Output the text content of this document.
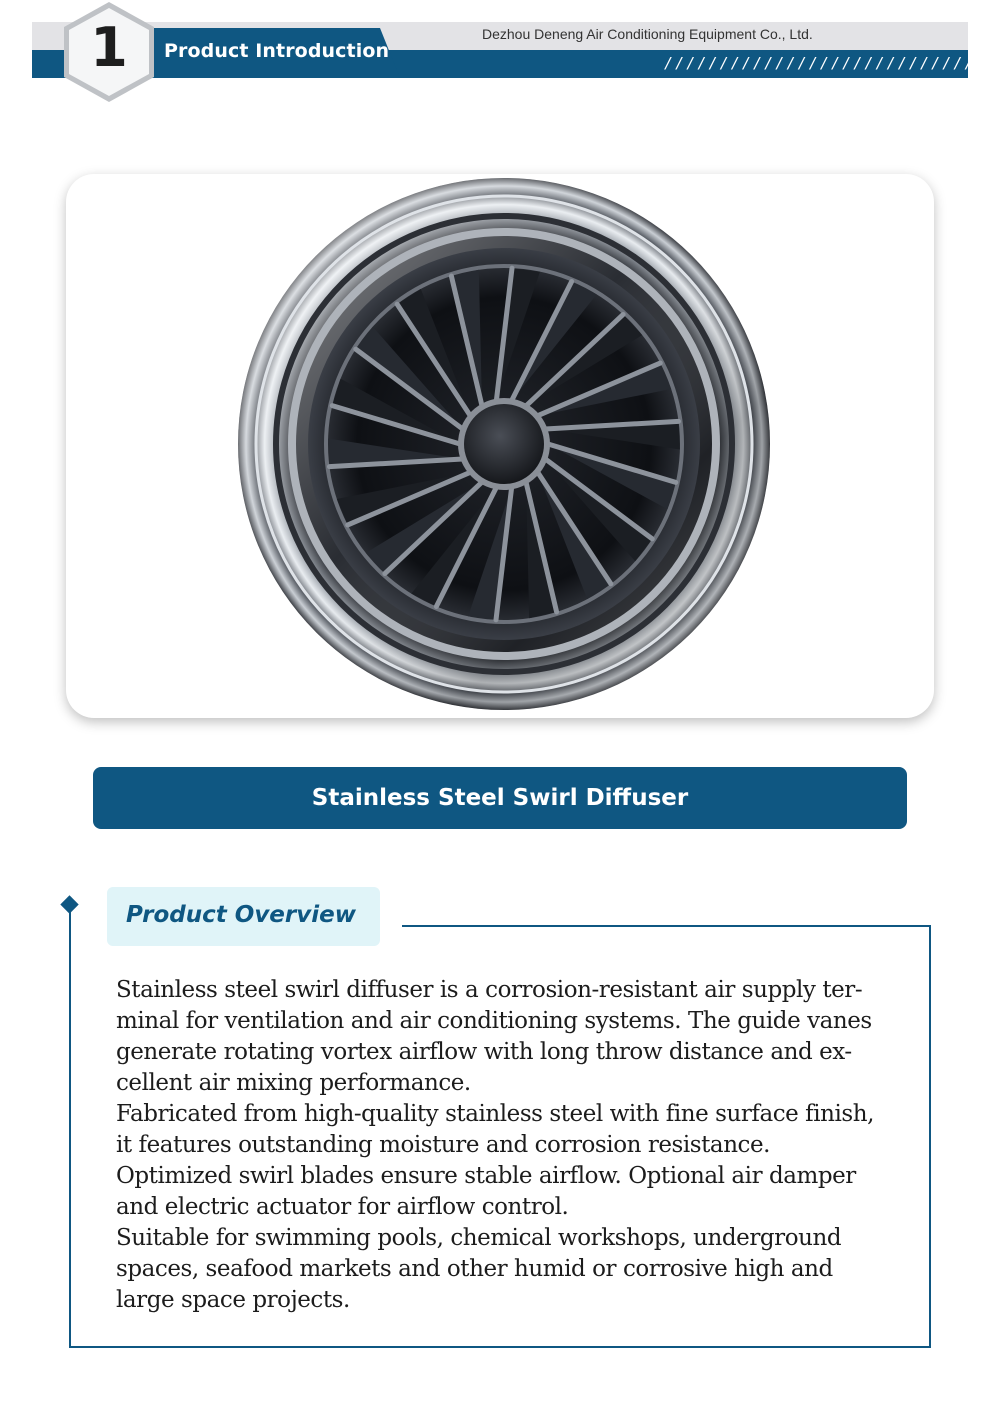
Product Introduction
1	Dezhou Deneng Air Conditioning Equipment Co., Ltd.
////////////////////////////
Stainless Steel Swirl Diffuser
Product Overview

Stainless steel swirl diffuser is a corrosion-resistant air supply ter-

minal for ventilation and air conditioning systems. The guide vanes

generate rotating vortex airflow with long throw distance and ex-

cellent air mixing performance.

Fabricated from high-quality stainless steel with fine surface finish,

it features outstanding moisture and corrosion resistance.

Optimized swirl blades ensure stable airflow. Optional air damper

and electric actuator for airflow control.

Suitable for swimming pools, chemical workshops, underground

spaces, seafood markets and other humid or corrosive high and

large space projects.
